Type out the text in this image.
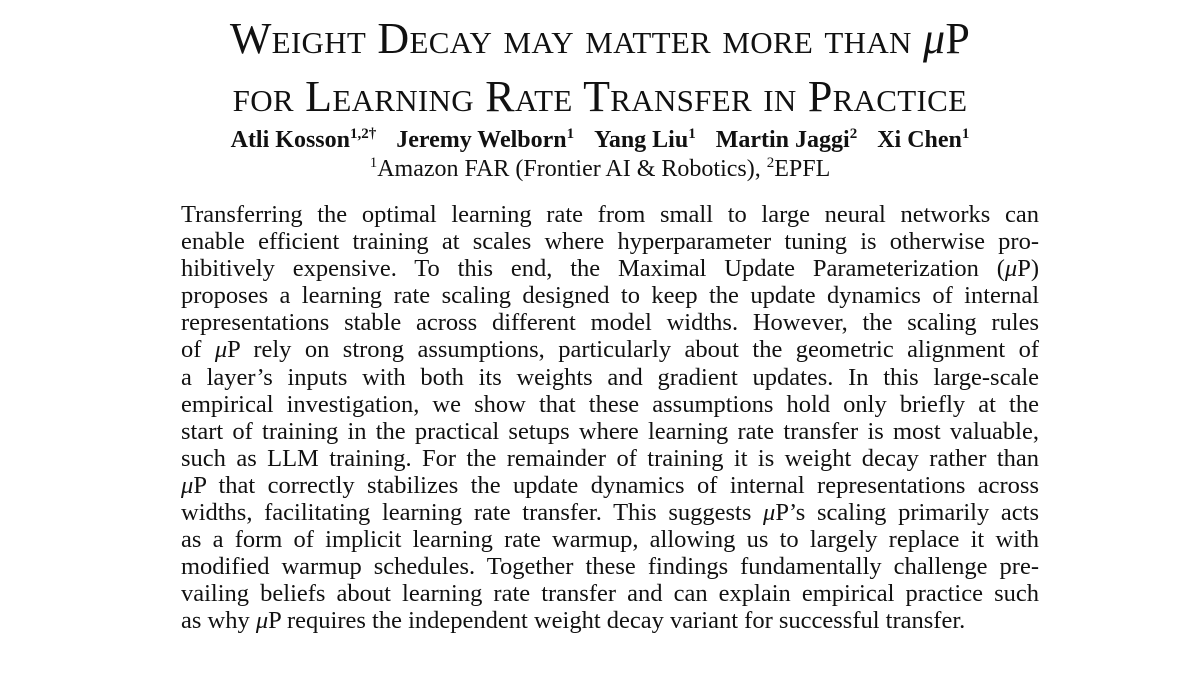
Weight Decay may matter more than μP
for Learning Rate Transfer in Practice
Atli Kosson$^{1,2\dagger}$ Jeremy Welborn$^1$ Yang Liu$^1$ Martin Jaggi$^2$ Xi Chen$^1$
$^1$Amazon FAR (Frontier AI & Robotics), $^2$EPFL
Transferring the optimal learning rate from small to large neural networks can
enable efficient training at scales where hyperparameter tuning is otherwise pro-
hibitively expensive. To this end, the Maximal Update Parameterization (μP)
proposes a learning rate scaling designed to keep the update dynamics of internal
representations stable across different model widths. However, the scaling rules
of μP rely on strong assumptions, particularly about the geometric alignment of
a layer’s inputs with both its weights and gradient updates. In this large-scale
empirical investigation, we show that these assumptions hold only briefly at the
start of training in the practical setups where learning rate transfer is most valuable,
such as LLM training. For the remainder of training it is weight decay rather than
μP that correctly stabilizes the update dynamics of internal representations across
widths, facilitating learning rate transfer. This suggests μP’s scaling primarily acts
as a form of implicit learning rate warmup, allowing us to largely replace it with
modified warmup schedules. Together these findings fundamentally challenge pre-
vailing beliefs about learning rate transfer and can explain empirical practice such
as why μP requires the independent weight decay variant for successful transfer.
